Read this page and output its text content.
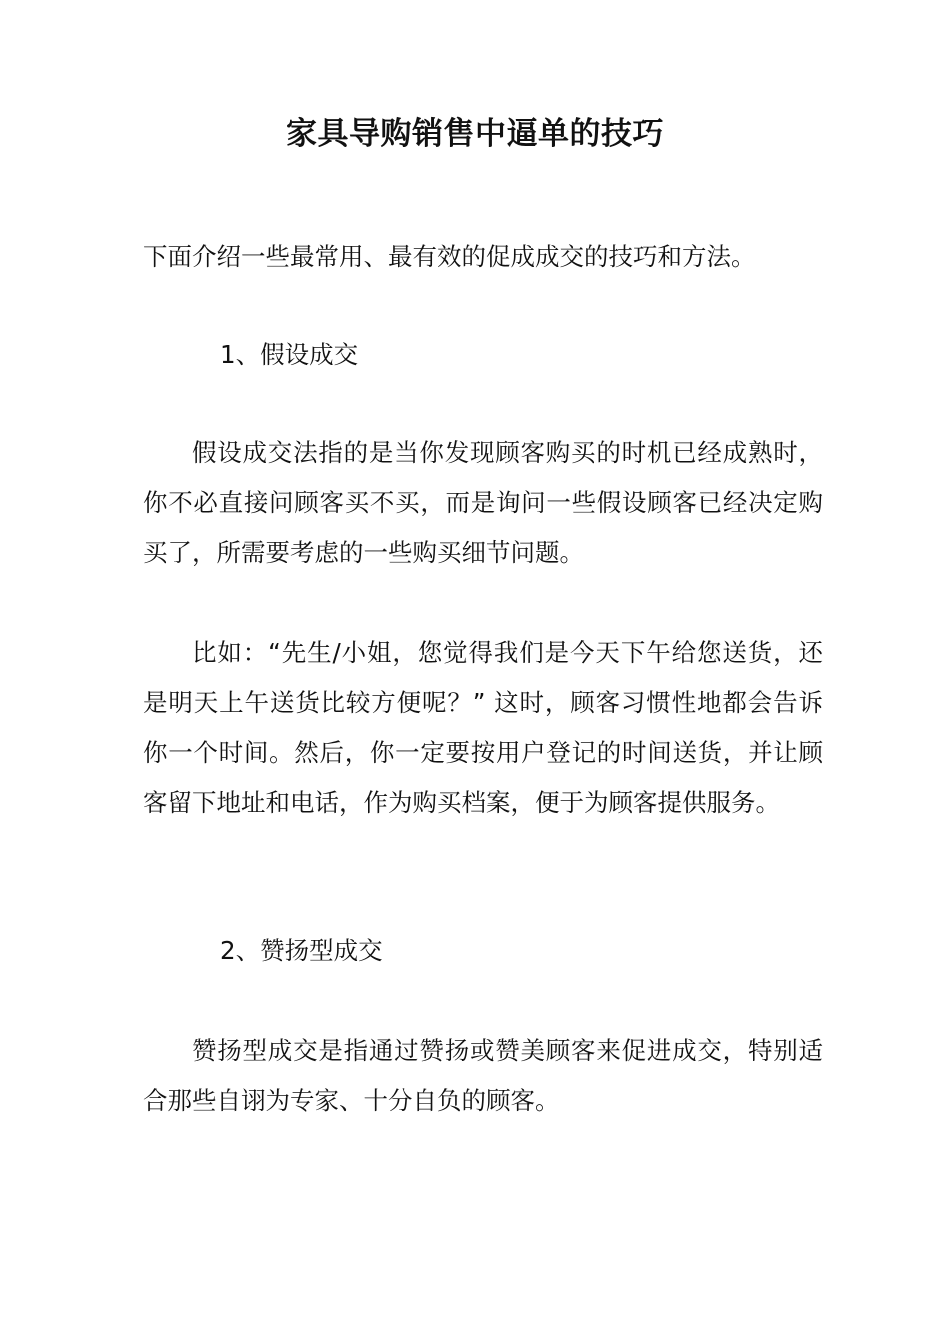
家具导购销售中逼单的技巧

下面介绍一些最常用、最有效的促成成交的技巧和方法。

1、假设成交

假设成交法指的是当你发现顾客购买的时机已经成熟时，你不必直接问顾客买不买，而是询问一些假设顾客已经决定购买了，所需要考虑的一些购买细节问题。

比如：“先生/小姐，您觉得我们是今天下午给您送货，还是明天上午送货比较方便呢？” 这时，顾客习惯性地都会告诉你一个时间。然后，你一定要按用户登记的时间送货，并让顾客留下地址和电话，作为购买档案，便于为顾客提供服务。

2、赞扬型成交

赞扬型成交是指通过赞扬或赞美顾客来促进成交，特别适合那些自诩为专家、十分自负的顾客。
